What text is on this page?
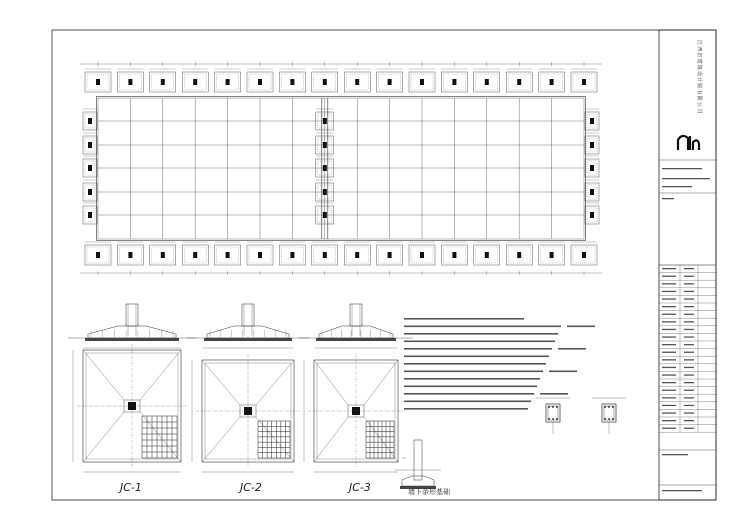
JC-1	JC-2	JC-3	墙下条形基础
江西省建筑设计院有限公司
